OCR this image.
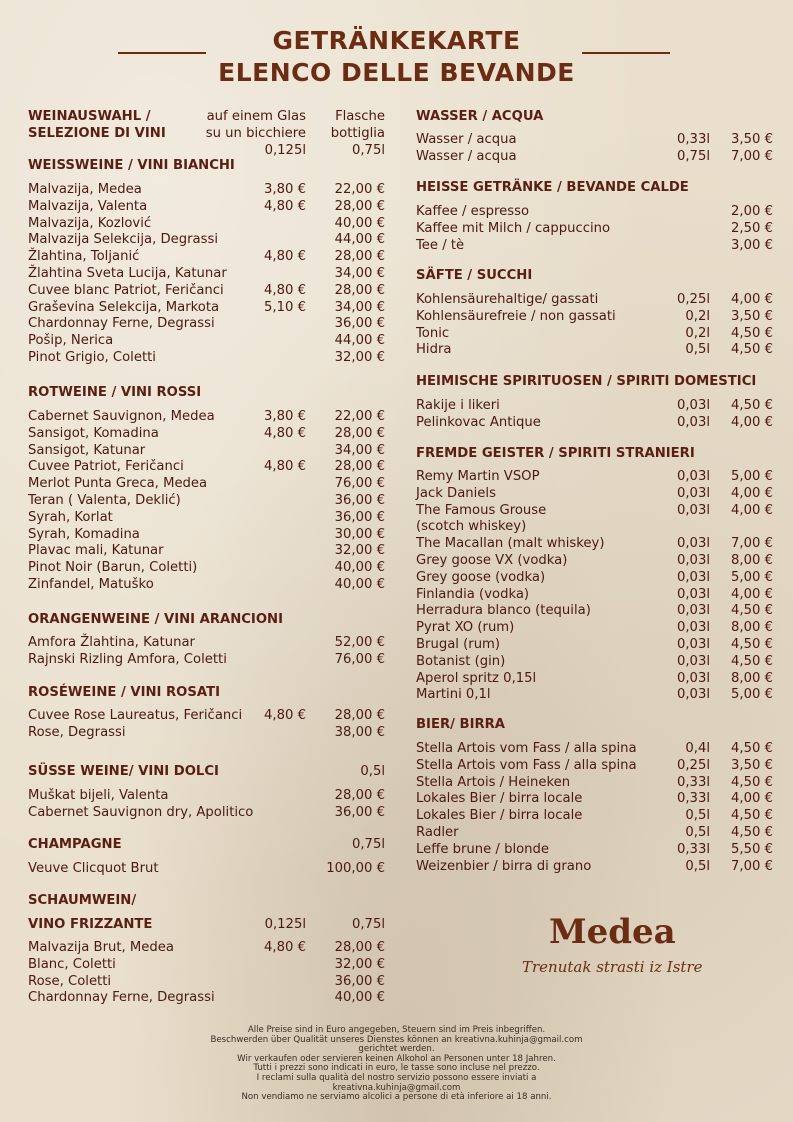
GETRÄNKEKARTE
ELENCO DELLE BEVANDE
WEINAUSWAHL /
SELEZIONE DI VINI
auf einem Glas
su un bicchiere
0,125l
Flasche
bottiglia
0,75l
WEISSWEINE / VINI BIANCHI
Malvazija, Medea	3,80 € 22,00 €
Malvazija, Valenta	4,80 € 28,00 €
Malvazija, Kozlović	40,00 €
Malvazija Selekcija, Degrassi	44,00 €
Žlahtina, Toljanić	4,80 € 28,00 €
Žlahtina Sveta Lucija, Katunar	34,00 €
Cuvee blanc Patriot, Feričanci	4,80 € 28,00 €
Graševina Selekcija, Markota	5,10 € 34,00 €
Chardonnay Ferne, Degrassi	36,00 €
Pošip, Nerica	44,00 €
Pinot Grigio, Coletti	32,00 €
ROTWEINE / VINI ROSSI
Cabernet Sauvignon, Medea	3,80 € 22,00 €
Sansigot, Komadina	4,80 € 28,00 €
Sansigot, Katunar	34,00 €
Cuvee Patriot, Feričanci	4,80 € 28,00 €
Merlot Punta Greca, Medea	76,00 €
Teran ( Valenta, Deklić)	36,00 €
Syrah, Korlat	36,00 €
Syrah, Komadina	30,00 €
Plavac mali, Katunar	32,00 €
Pinot Noir (Barun, Coletti)	40,00 €
Zinfandel, Matuško	40,00 €
ORANGENWEINE / VINI ARANCIONI
Amfora Žlahtina, Katunar	52,00 €
Rajnski Rizling Amfora, Coletti	76,00 €
ROSÉWEINE / VINI ROSATI
Cuvee Rose Laureatus, Feričanci 4,80 € 28,00 €
Rose, Degrassi	38,00 €
SÜSSE WEINE/ VINI DOLCI	0,5l
Muškat bijeli, Valenta	28,00 €
Cabernet Sauvignon dry, Apolitico	36,00 €
CHAMPAGNE	0,75l
Veuve Clicquot Brut	100,00 €
SCHAUMWEIN/
VINO FRIZZANTE	0,125l	0,75l
Malvazija Brut, Medea	4,80 € 28,00 €
Blanc, Coletti	32,00 €
Rose, Coletti	36,00 €
Chardonnay Ferne, Degrassi	40,00 €
WASSER / ACQUA
Wasser / acqua	0,33l 3,50 €
Wasser / acqua	0,75l 7,00 €
HEISSE GETRÄNKE / BEVANDE CALDE
Kaffee / espresso	2,00 €
Kaffee mit Milch / cappuccino	2,50 €
Tee / tè	3,00 €
SÄFTE / SUCCHI
Kohlensäurehaltige/ gassati	0,25l 4,00 €
Kohlensäurefreie / non gassati	0,2l 3,50 €
Tonic	0,2l 4,50 €
Hidra	0,5l 4,50 €
HEIMISCHE SPIRITUOSEN / SPIRITI DOMESTICI
Rakije i likeri	0,03l 4,50 €
Pelinkovac Antique	0,03l 4,00 €
FREMDE GEISTER / SPIRITI STRANIERI
Remy Martin VSOP	0,03l 5,00 €
Jack Daniels	0,03l 4,00 €
The Famous Grouse	0,03l 4,00 €
(scotch whiskey)
The Macallan (malt whiskey)	0,03l 7,00 €
Grey goose VX (vodka)	0,03l 8,00 €
Grey goose (vodka)	0,03l 5,00 €
Finlandia (vodka)	0,03l 4,00 €
Herradura blanco (tequila)	0,03l 4,50 €
Pyrat XO (rum)	0,03l 8,00 €
Brugal (rum)	0,03l 4,50 €
Botanist (gin)	0,03l 4,50 €
Aperol spritz 0,15l	0,03l 8,00 €
Martini 0,1l	0,03l 5,00 €
BIER/ BIRRA
Stella Artois vom Fass / alla spina	0,4l 4,50 €
Stella Artois vom Fass / alla spina	0,25l 3,50 €
Stella Artois / Heineken	0,33l 4,50 €
Lokales Bier / birra locale	0,33l 4,00 €
Lokales Bier / birra locale	0,5l 4,50 €
Radler	0,5l 4,50 €
Leffe brune / blonde	0,33l 5,50 €
Weizenbier / birra di grano	0,5l 7,00 €
Medea
Trenutak strasti iz Istre
Alle Preise sind in Euro angegeben, Steuern sind im Preis inbegriffen.
Beschwerden über Qualität unseres Dienstes können an kreativna.kuhinja@gmail.com
gerichtet werden.
Wir verkaufen oder servieren keinen Alkohol an Personen unter 18 Jahren.
Tutti i prezzi sono indicati in euro, le tasse sono incluse nel prezzo.
I reclami sulla qualità del nostro servizio possono essere inviati a
kreativna.kuhinja@gmail.com
Non vendiamo ne serviamo alcolici a persone di età inferiore ai 18 anni.
